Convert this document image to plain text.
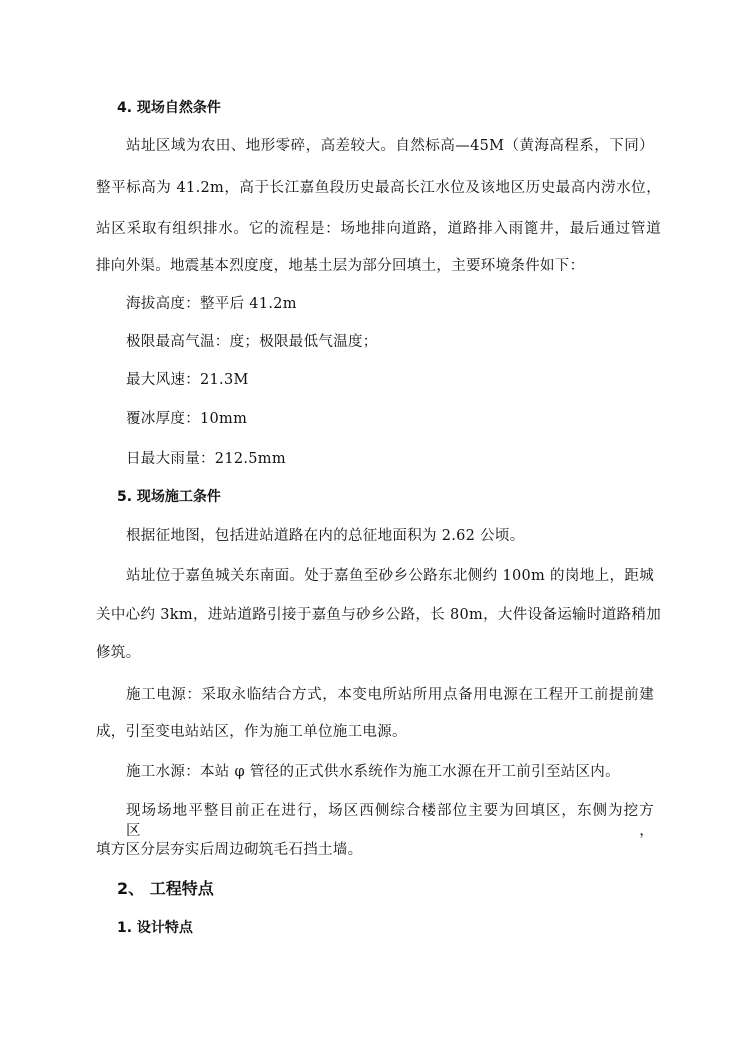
4. 现场自然条件
站址区域为农田、地形零碎，高差较大。自然标高—45M（黄海高程系，下同）
整平标高为 41.2m，高于长江嘉鱼段历史最高长江水位及该地区历史最高内涝水位，
站区采取有组织排水。它的流程是：场地排向道路，道路排入雨篦井，最后通过管道
排向外渠。地震基本烈度度，地基土层为部分回填土，主要环境条件如下：
海拔高度：整平后 41.2m
极限最高气温：度；极限最低气温度；
最大风速：21.3M
覆冰厚度：10mm
日最大雨量：212.5mm
5. 现场施工条件
根据征地图，包括进站道路在内的总征地面积为 2.62 公顷。
站址位于嘉鱼城关东南面。处于嘉鱼至砂乡公路东北侧约 100m 的岗地上，距城
关中心约 3km，进站道路引接于嘉鱼与砂乡公路，长 80m，大件设备运输时道路稍加
修筑。
施工电源：采取永临结合方式，本变电所站所用点备用电源在工程开工前提前建
成，引至变电站站区，作为施工单位施工电源。
施工水源：本站 φ 管径的正式供水系统作为施工水源在开工前引至站区内。
现场场地平整目前正在进行，场区西侧综合楼部位主要为回填区，东侧为挖方区，
填方区分层夯实后周边砌筑毛石挡土墙。
2、 工程特点
1. 设计特点
